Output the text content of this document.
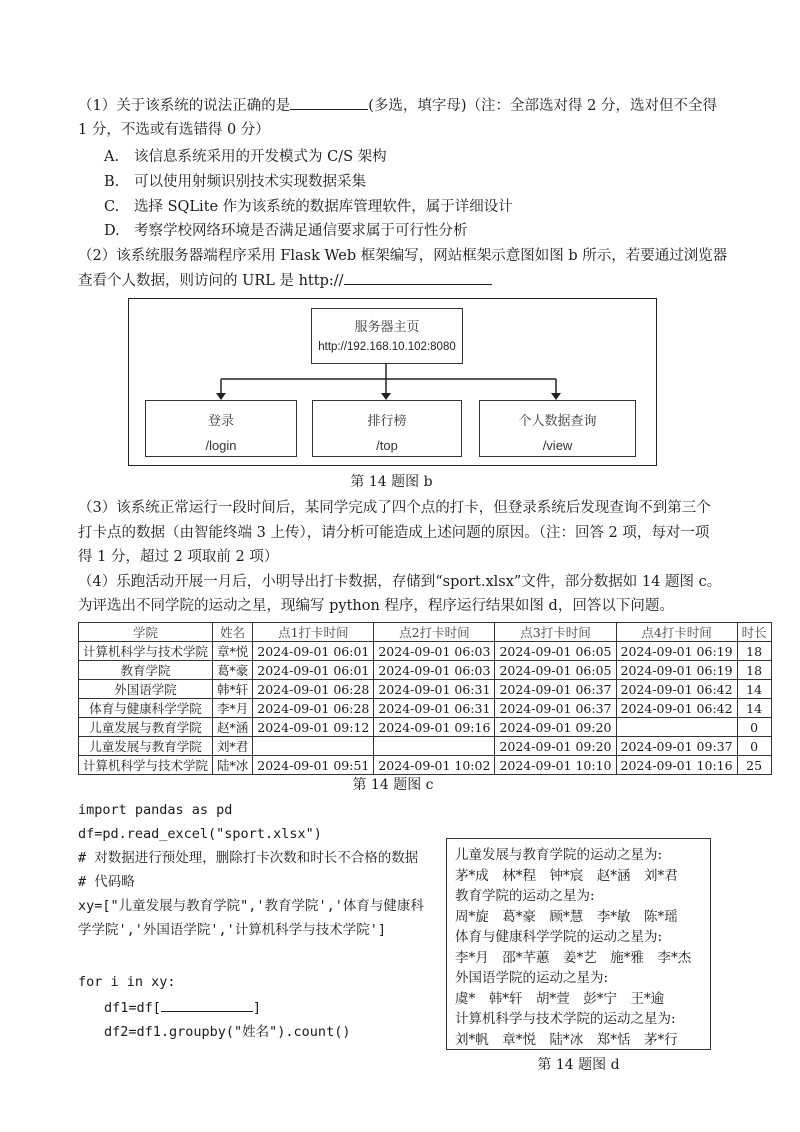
（1）关于该系统的说法正确的是	(多选，填字母)（注：全部选对得 2 分，选对但不全得
1 分，不选或有选错得 0 分）
A. 该信息系统采用的开发模式为 C/S 架构
B. 可以使用射频识别技术实现数据采集
C. 选择 SQLite 作为该系统的数据库管理软件，属于详细设计
D. 考察学校网络环境是否满足通信要求属于可行性分析
（2）该系统服务器端程序采用 Flask Web 框架编写，网站框架示意图如图 b 所示，若要通过浏览器
查看个人数据，则访问的 URL 是 http://
服务器主页
http://192.168.10.102:8080
登录
/login
排行榜
/top
个人数据查询
/view
第 14 题图 b
（3）该系统正常运行一段时间后，某同学完成了四个点的打卡，但登录系统后发现查询不到第三个
打卡点的数据（由智能终端 3 上传），请分析可能造成上述问题的原因。（注：回答 2 项，每对一项
得 1 分，超过 2 项取前 2 项）
（4）乐跑活动开展一月后，小明导出打卡数据，存储到“sport.xlsx”文件，部分数据如 14 题图 c。
为评选出不同学院的运动之星，现编写 python 程序，程序运行结果如图 d，回答以下问题。
学院	姓名	点1打卡时间	点2打卡时间	点3打卡时间	点4打卡时间	时长
计算机科学与技术学院	章*悦	2024-09-01 06:01	2024-09-01 06:03	2024-09-01 06:05	2024-09-01 06:19	18
教育学院	葛*豪	2024-09-01 06:01	2024-09-01 06:03	2024-09-01 06:05	2024-09-01 06:19	18
外国语学院	韩*轩	2024-09-01 06:28	2024-09-01 06:31	2024-09-01 06:37	2024-09-01 06:42	14
体育与健康科学学院	李*月	2024-09-01 06:28	2024-09-01 06:31	2024-09-01 06:37	2024-09-01 06:42	14
儿童发展与教育学院	赵*涵	2024-09-01 09:12	2024-09-01 09:16	2024-09-01 09:20		0
儿童发展与教育学院	刘*君			2024-09-01 09:20	2024-09-01 09:37	0
计算机科学与技术学院	陆*冰	2024-09-01 09:51	2024-09-01 10:02	2024-09-01 10:10	2024-09-01 10:16	25
第 14 题图 c
import pandas as pd
df=pd.read_excel("sport.xlsx")
# 对数据进行预处理，删除打卡次数和时长不合格的数据
# 代码略
xy=["儿童发展与教育学院",'教育学院','体育与健康科
学学院','外国语学院','计算机科学与技术学院']
for i in xy:
df1=df[	]
df2=df1.groupby("姓名").count()
儿童发展与教育学院的运动之星为:
茅*成　林*程　钟*宸　赵*涵　刘*君
教育学院的运动之星为:
周*旋　葛*豪　顾*慧　李*敏　陈*瑶
体育与健康科学学院的运动之星为:
李*月　邵*芊蕙　姜*艺　施*雅　李*杰
外国语学院的运动之星为:
虞*　韩*轩　胡*萱　彭*宁　王*逾
计算机科学与技术学院的运动之星为:
刘*帆　章*悦　陆*冰　郑*恬　茅*行
第 14 题图 d
